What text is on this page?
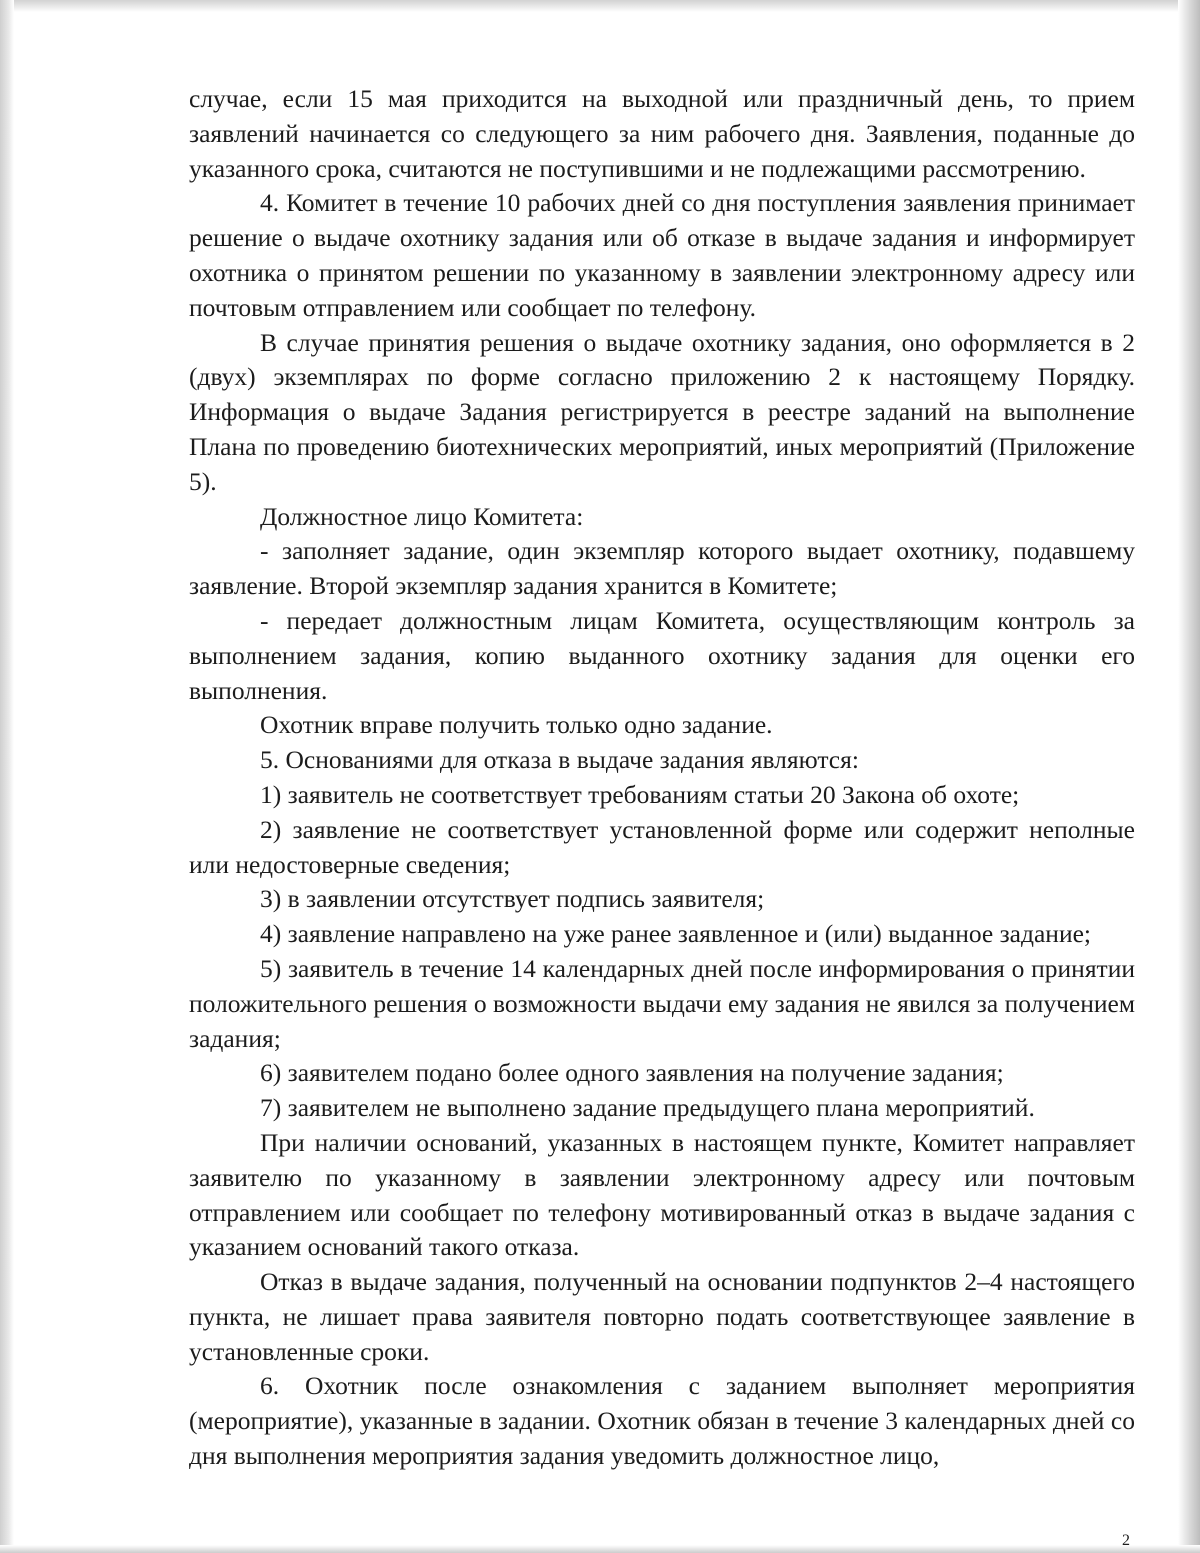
случае, если 15 мая приходится на выходной или праздничный день, то прием заявлений начинается со следующего за ним рабочего дня. Заявления, поданные до указанного срока, считаются не поступившими и не подлежащими рассмотрению.

4. Комитет в течение 10 рабочих дней со дня поступления заявления принимает решение о выдаче охотнику задания или об отказе в выдаче задания и информирует охотника о принятом решении по указанному в заявлении электронному адресу или почтовым отправлением или сообщает по телефону.

В случае принятия решения о выдаче охотнику задания, оно оформляется в 2 (двух) экземплярах по форме согласно приложению 2 к настоящему Порядку. Информация о выдаче Задания регистрируется в реестре заданий на выполнение Плана по проведению биотехнических мероприятий, иных мероприятий (Приложение 5).

Должностное лицо Комитета:

- заполняет задание, один экземпляр которого выдает охотнику, подавшему заявление. Второй экземпляр задания хранится в Комитете;

- передает должностным лицам Комитета, осуществляющим контроль за выполнением задания, копию выданного охотнику задания для оценки его выполнения.

Охотник вправе получить только одно задание.

5. Основаниями для отказа в выдаче задания являются:

1) заявитель не соответствует требованиям статьи 20 Закона об охоте;

2) заявление не соответствует установленной форме или содержит неполные или недостоверные сведения;

3) в заявлении отсутствует подпись заявителя;

4) заявление направлено на уже ранее заявленное и (или) выданное задание;

5) заявитель в течение 14 календарных дней после информирования о принятии положительного решения о возможности выдачи ему задания не явился за получением задания;

6) заявителем подано более одного заявления на получение задания;

7) заявителем не выполнено задание предыдущего плана мероприятий.

При наличии оснований, указанных в настоящем пункте, Комитет направляет заявителю по указанному в заявлении электронному адресу или почтовым отправлением или сообщает по телефону мотивированный отказ в выдаче задания с указанием оснований такого отказа.

Отказ в выдаче задания, полученный на основании подпунктов 2–4 настоящего пункта, не лишает права заявителя повторно подать соответствующее заявление в установленные сроки.

6. Охотник после ознакомления с заданием выполняет мероприятия (мероприятие), указанные в задании. Охотник обязан в течение 3 календарных дней со дня выполнения мероприятия задания уведомить должностное лицо,

2
